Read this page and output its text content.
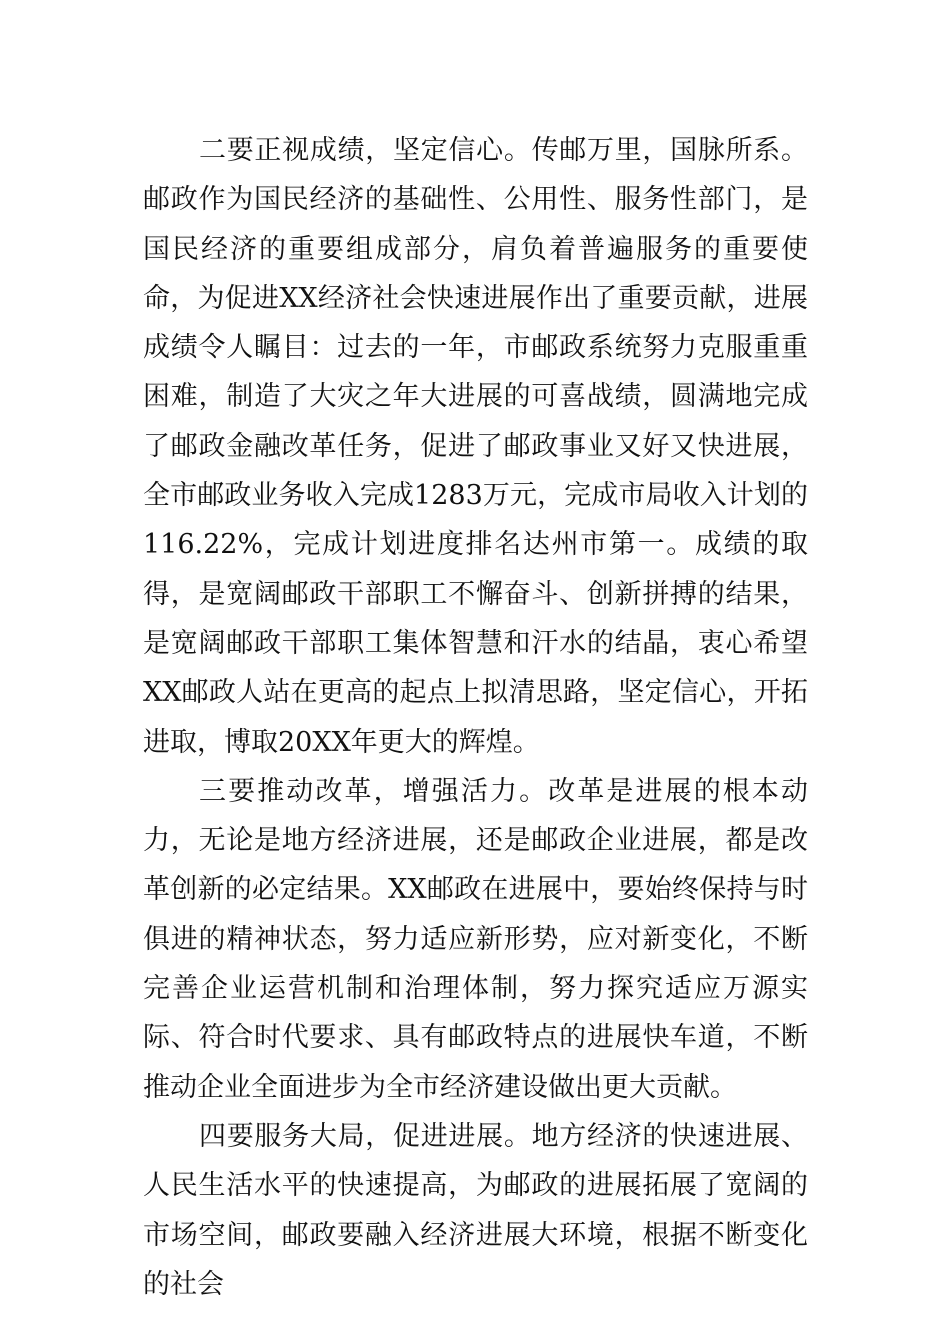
二要正视成绩，坚定信心。传邮万里，国脉所系。邮政作为国民经济的基础性、公用性、服务性部门，是国民经济的重要组成部分，肩负着普遍服务的重要使命，为促进XX经济社会快速进展作出了重要贡献，进展成绩令人瞩目：过去的一年，市邮政系统努力克服重重困难，制造了大灾之年大进展的可喜战绩，圆满地完成了邮政金融改革任务，促进了邮政事业又好又快进展，全市邮政业务收入完成1283万元，完成市局收入计划的116.22%，完成计划进度排名达州市第一。成绩的取得，是宽阔邮政干部职工不懈奋斗、创新拼搏的结果，是宽阔邮政干部职工集体智慧和汗水的结晶，衷心希望XX邮政人站在更高的起点上拟清思路，坚定信心，开拓进取，博取20XX年更大的辉煌。

三要推动改革，增强活力。改革是进展的根本动力，无论是地方经济进展，还是邮政企业进展，都是改革创新的必定结果。XX邮政在进展中，要始终保持与时俱进的精神状态，努力适应新形势，应对新变化，不断完善企业运营机制和治理体制，努力探究适应万源实际、符合时代要求、具有邮政特点的进展快车道，不断推动企业全面进步为全市经济建设做出更大贡献。

四要服务大局，促进进展。地方经济的快速进展、人民生活水平的快速提高，为邮政的进展拓展了宽阔的市场空间，邮政要融入经济进展大环境，根据不断变化的社会
